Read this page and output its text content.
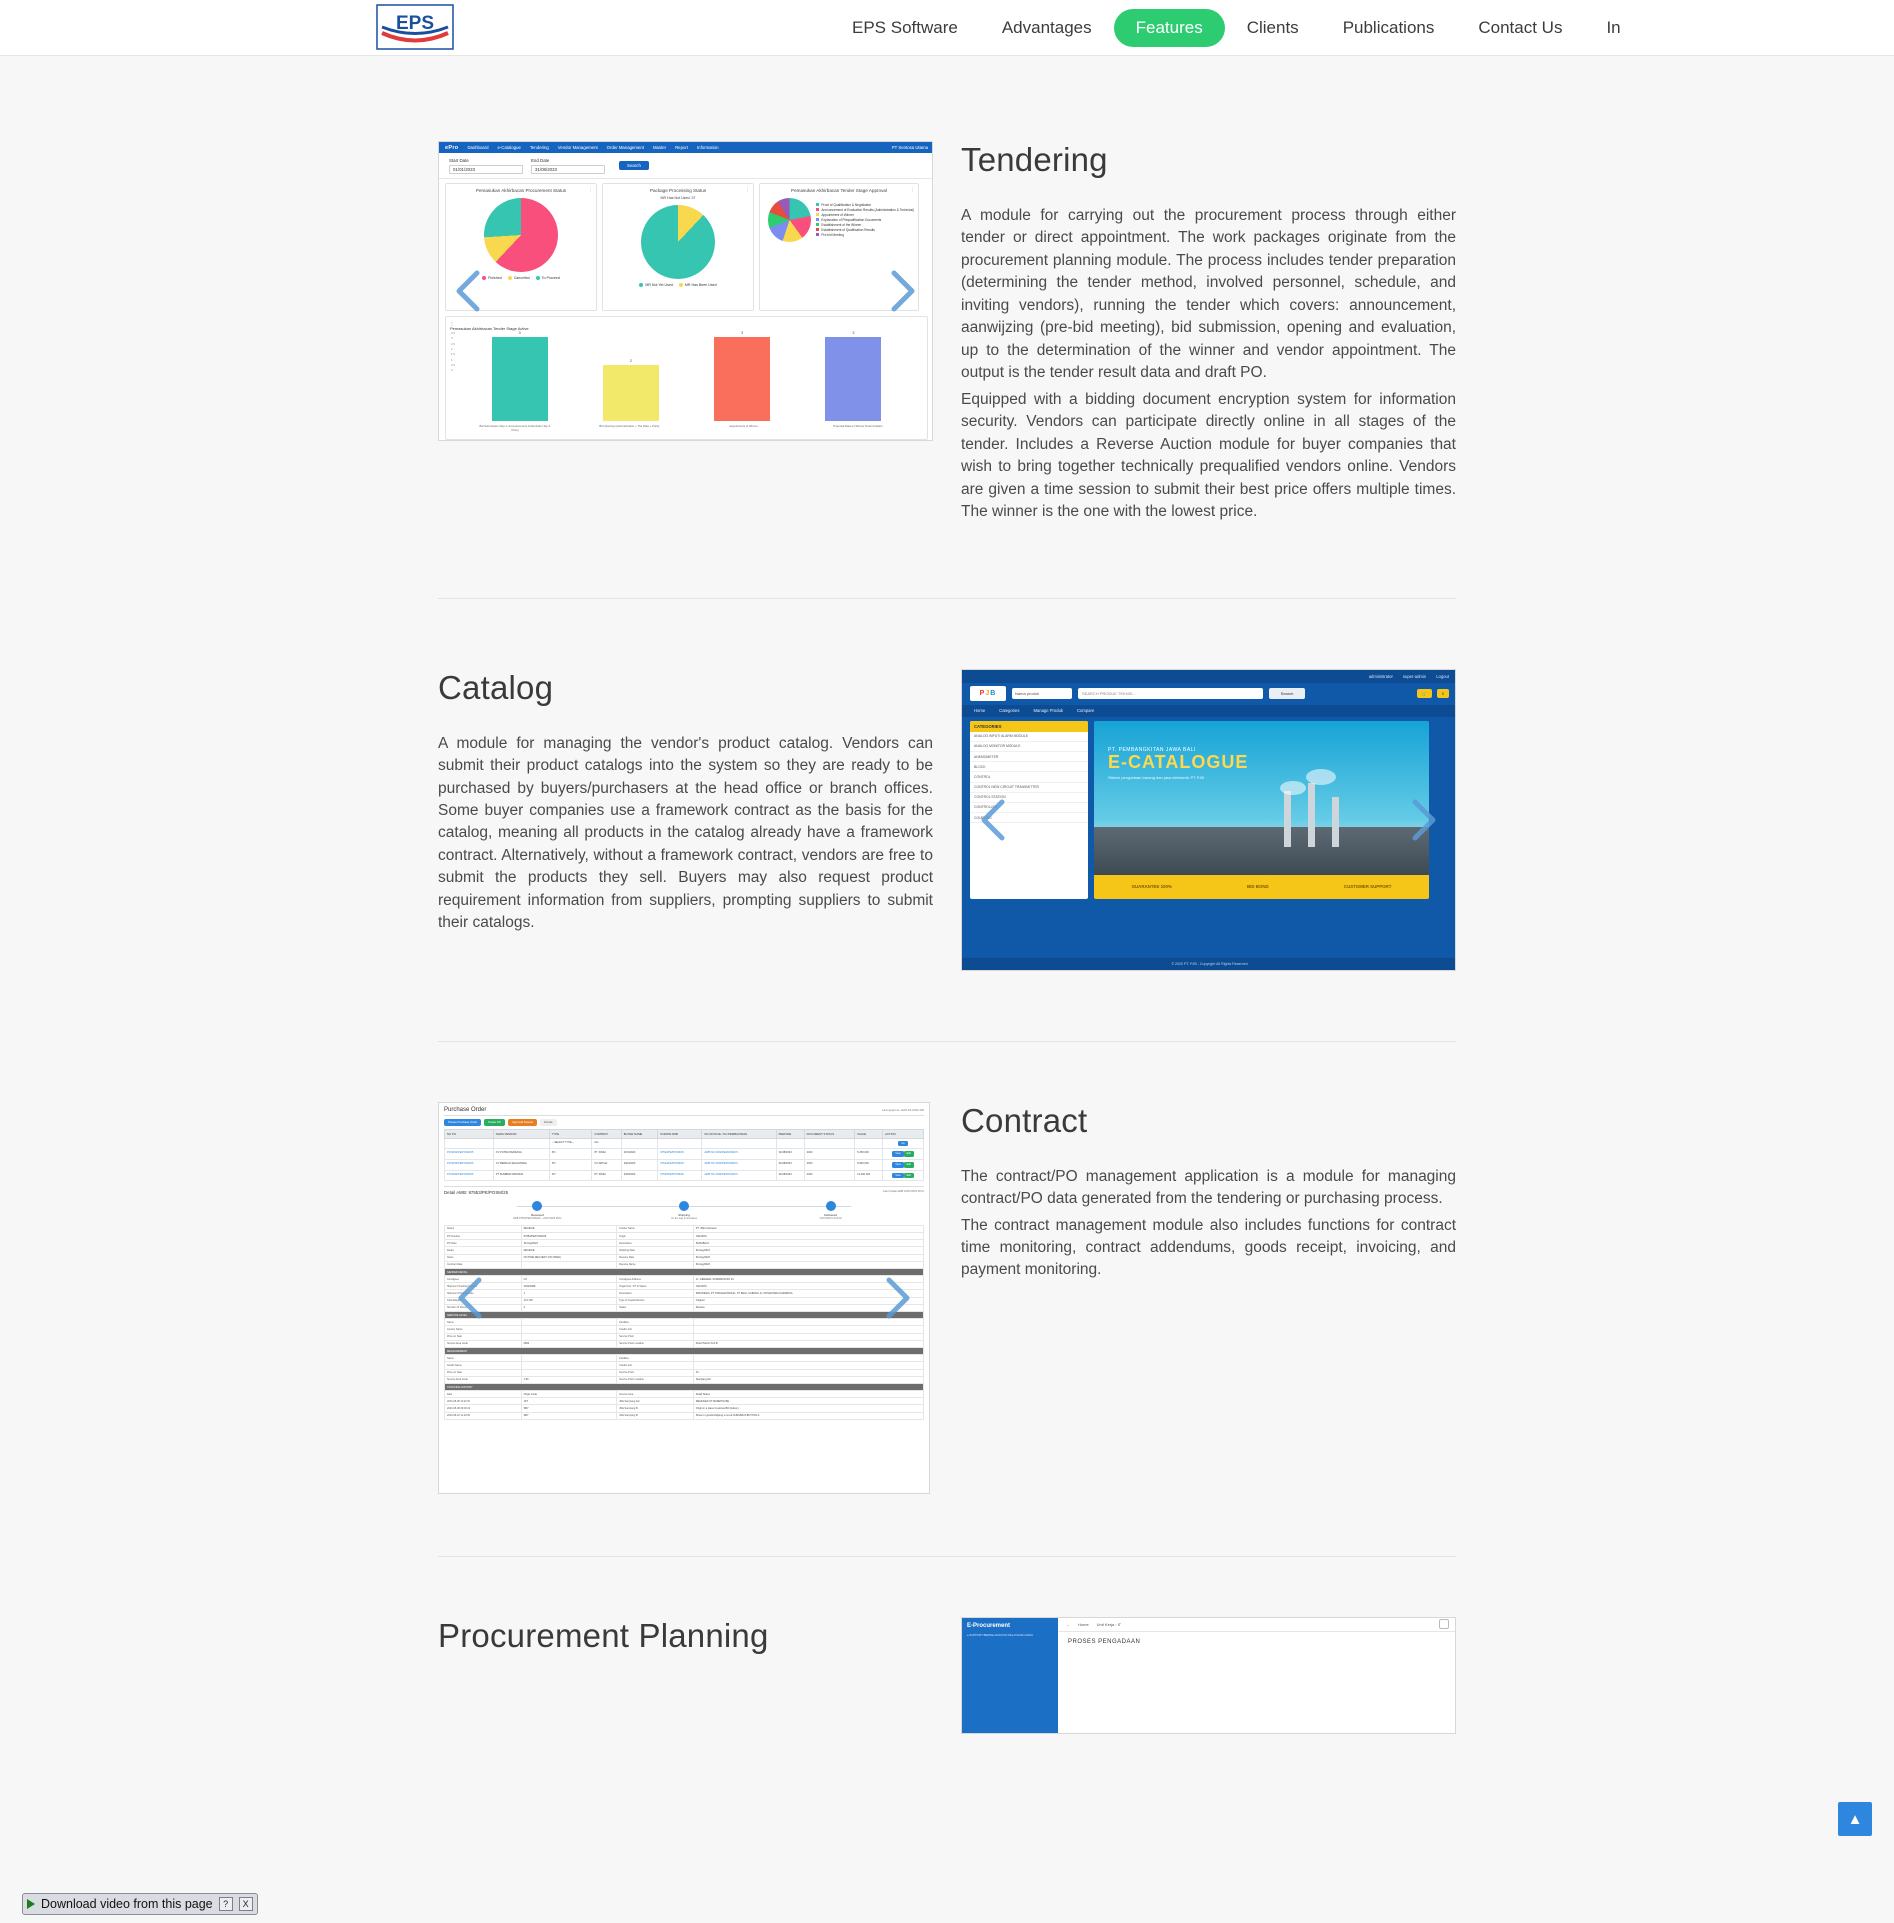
EPS	EPS Software	Advantages	Features	Clients	Publications	Contact Us	In
ePro Dashboard e-Catalogue Tendering Vendor Management Order Management Master Report Information	PT Sentosa Utama
Start Date
01/01/2023
End Date
31/08/2023
Search
⋮
Pemasukan Akhirbacan Procurement Status
Finished	Cancelled	To Proceed
⋮
Package Processing Status
MR Has Not Used: 37
MR Not Yet Used	MR Has Been Used
⋮
Pemasukan Akhirbacan Tender Stage Approval
Proof of Qualification & Negotiation
Announcement of Evaluation Results (Administration & Technical)
Appointment of Winner
Explanation of Prequalification Documents
Establishment of the Winner
Establishment of Qualification Results
Pre-bid Meeting
⋮
Pemasukan Akhirbacan Tender Stage Active
3.5
3
2.5
2
1.5
1
0.5
0
3
2
3	3
Bid Submission (Stp 1: Announcement & Reminder Stp 1: Price)
Bid Opening (Administration + The Data + Price)	Appointment of Winner	Proposal Data on Winner Determination
Tendering

A module for carrying out the procurement process through either tender or direct appointment. The work packages originate from the procurement planning module. The process includes tender preparation (determining the tender method, involved personnel, schedule, and inviting vendors), running the tender which covers: announcement, aanwijzing (pre-bid meeting), bid submission, opening and evaluation, up to the determination of the winner and vendor appointment. The output is the tender result data and draft PO.

Equipped with a bidding document encryption system for information security. Vendors can participate directly online in all stages of the tender. Includes a Reverse Auction module for buyer companies that wish to bring together technically prequalified vendors online. Vendors are given a time session to submit their best price offers multiple times. The winner is the one with the lowest price.

Catalog

A module for managing the vendor's product catalog. Vendors can submit their product catalogs into the system so they are ready to be purchased by buyers/purchasers at the head office or branch offices. Some buyer companies use a framework contract as the basis for the catalog, meaning all products in the catalog already have a framework contract. Alternatively, without a framework contract, vendors are free to submit the products they sell. Buyers may also request product requirement information from suppliers, prompting suppliers to submit their catalogs.

administrator super-admin Logout
P J B	Nama produk	SEARCH PRODUK TEKNIS...	Search	🛒	0
Home	Categories	Manage Produk	Compare
CATEGORIES
ANALOG INPUT/ ALARM MODULE
ANALOG MONITOR MODULE
ANEMOMETER
BLOCK
CONTROL
CONTROL NEW CIRCUIT TRANSMITTER
CONTROL STATION
CONTROLLER
COUPLING
PT. PEMBANGKITAN JAWA BALI
E-CATALOGUE
Sistem pengadaan barang dan jasa elektronik PT PJB
GUARANTEE 100%	BID BOND	CUSTOMER SUPPORT
© 2020 PT. PJB - Copyright All Rights Reserved
Purchase Order	Last approve: AVR-16-2023-0/0
Proses Purchase Order	Pesan PO	Approval Selesai	Ditolak
NO PO	NAMA VENDOR	TYPE	COMPANY	BUYER NAME	NOMOR AWB	NO INVOICE / NO PEMBAYARAN	PERIODE	DOCUMENT STATUS	VALUE	ACTION
		-- SELECT TYPE --	ALL							Go
PO/3032/PE/POSM/25	CV PUTRA PERKASA	PO	PT. KIMIA	3/15/2023	97533/PE/POSM/25	AWB NO 3032/PE/0023/RCV	31/08/2023	2023	5.250.000	View Edit
PO/3033/PE/POSM/25	CV BERKAH SEJAHTERA	PO	CV ARTHA	3/20/2023	97534/PE/POSM/25	AWB NO 3033/PE/0029/RCV	31/08/2023	2023	8.900.000	View Edit
PO/3034/PE/POSM/25	PT SUMBER MAKMUR	PO	PT. KIMIA	3/28/2023	97535/PE/POSM/25	AWB NO 3034/PE/0031/RCV	31/08/2023	2023	12.400.000	View Edit
Detail AWB: 97553/PE/POSM/25	Last Update AWB 23/07/2023 08:11
Received
AWB 97553/PE/POSM/25 – 23/07/2023 08:11
Shipping
On the way to Sumatera
Delivered
23/07/2023 14:00:00
Status	RECEIVE	Courier Name	PT. JNE Indonesia
PO Number	97553/PE/POSM/25	Origin	JAKARTA
PO Date	31/Aug/2023	Destination	SURABAYA
Detail	RECEIVE	Shipping Date	31/Aug/2023
Notes	ON TIME DELIVERY (ON HAND)	Receive Date	31/Aug/2023
Contract Date		Receive Name	31/Aug/2023
SENDER DETAIL			
Consignee	CV	Consignee Address	JL. GENERAL SUDIRMAN NO 24
Shipment Tracking Number	3032/0086	Origin Port / PT & Status	JAKARTA
Shipment Product Code	1	Destination	INDONESIA, PT. PJB ELEKTRIKAL, PT BAGI, CABANG JL. NUSANTARA SURABAYA
Total Weight	174,700	Type of Goods/Service	Original
Number Of Pieces	3	Status	Receive
SERVICE LEVEL			
Name		Facilities	
Courier Name		Credit Limit	
Price on Sale		Service Point	
Service Area Code	0804	Service Point Location	Pearl Harbor Port B
MEASUREMENT			
Name		Facilities	
Goods Name		Credit Limit	
Price on Sale		Service Point	10
Service Area Code	1.50	Service Point Location	Sampang A/2
TRACKING HISTORY			
Date	Origin Code	Service Area	Detail Status
2023-08-08 11:02:00	JKT	JNE Sampang A/2	RECEIVED AT WAREHOUSE
2023-08-08 08:00:22	SBY	JNE Sampang B	Origin in a place Customer/Bc Delivery
2023-08-23 11:20:00	SBY	JNE Sampang B	Shiver in goods/shipping is set at SURABAYA BUTTON A
Contract

The contract/PO management application is a module for managing contract/PO data generated from the tendering or purchasing process.

The contract management module also includes functions for contract time monitoring, contract addendums, goods receipt, invoicing, and payment monitoring.

Procurement Planning	E-Procurement
e-SUPPORT BERKELANJUTAN PELAYANAN ANDA
← Home Unit Kerja : IT
PROSES PENGADAAN
▲
Download video from this page	?	X
